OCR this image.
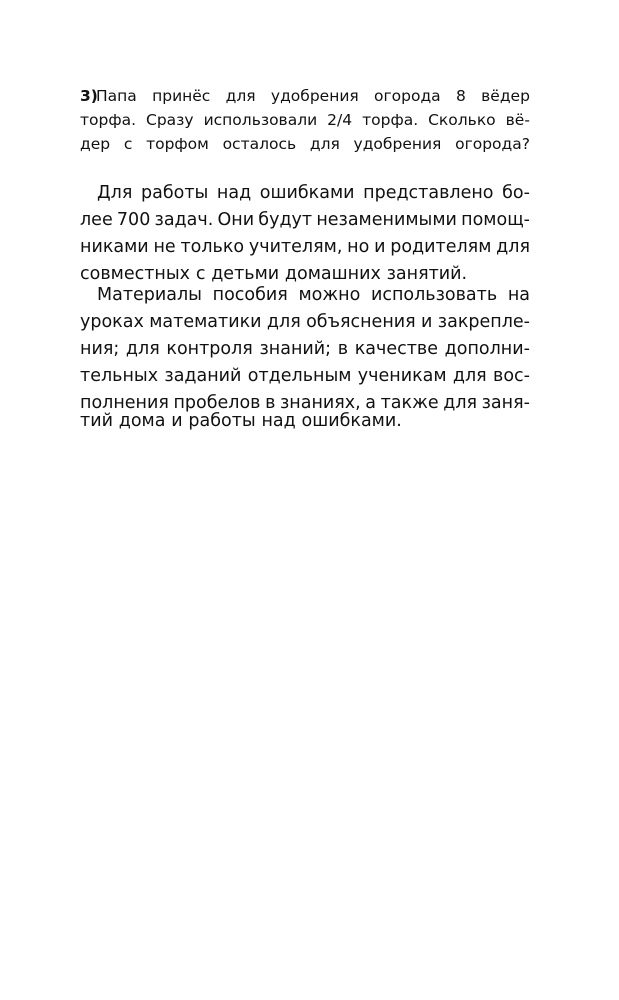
3)
Папа принёс для удобрения огорода 8 вёдер
торфа. Сразу использовали 2/4 торфа. Сколько вё-
дер с торфом осталось для удобрения огорода?
Для работы над ошибками представлено бо-
лее 700 задач. Они будут незаменимыми помощ-
никами не только учителям, но и родителям для
совместных с детьми домашних занятий.
Материалы пособия можно использовать на
уроках математики для объяснения и закрепле-
ния; для контроля знаний; в качестве дополни-
тельных заданий отдельным ученикам для вос-
полнения пробелов в знаниях, а также для заня-
тий дома и работы над ошибками.
